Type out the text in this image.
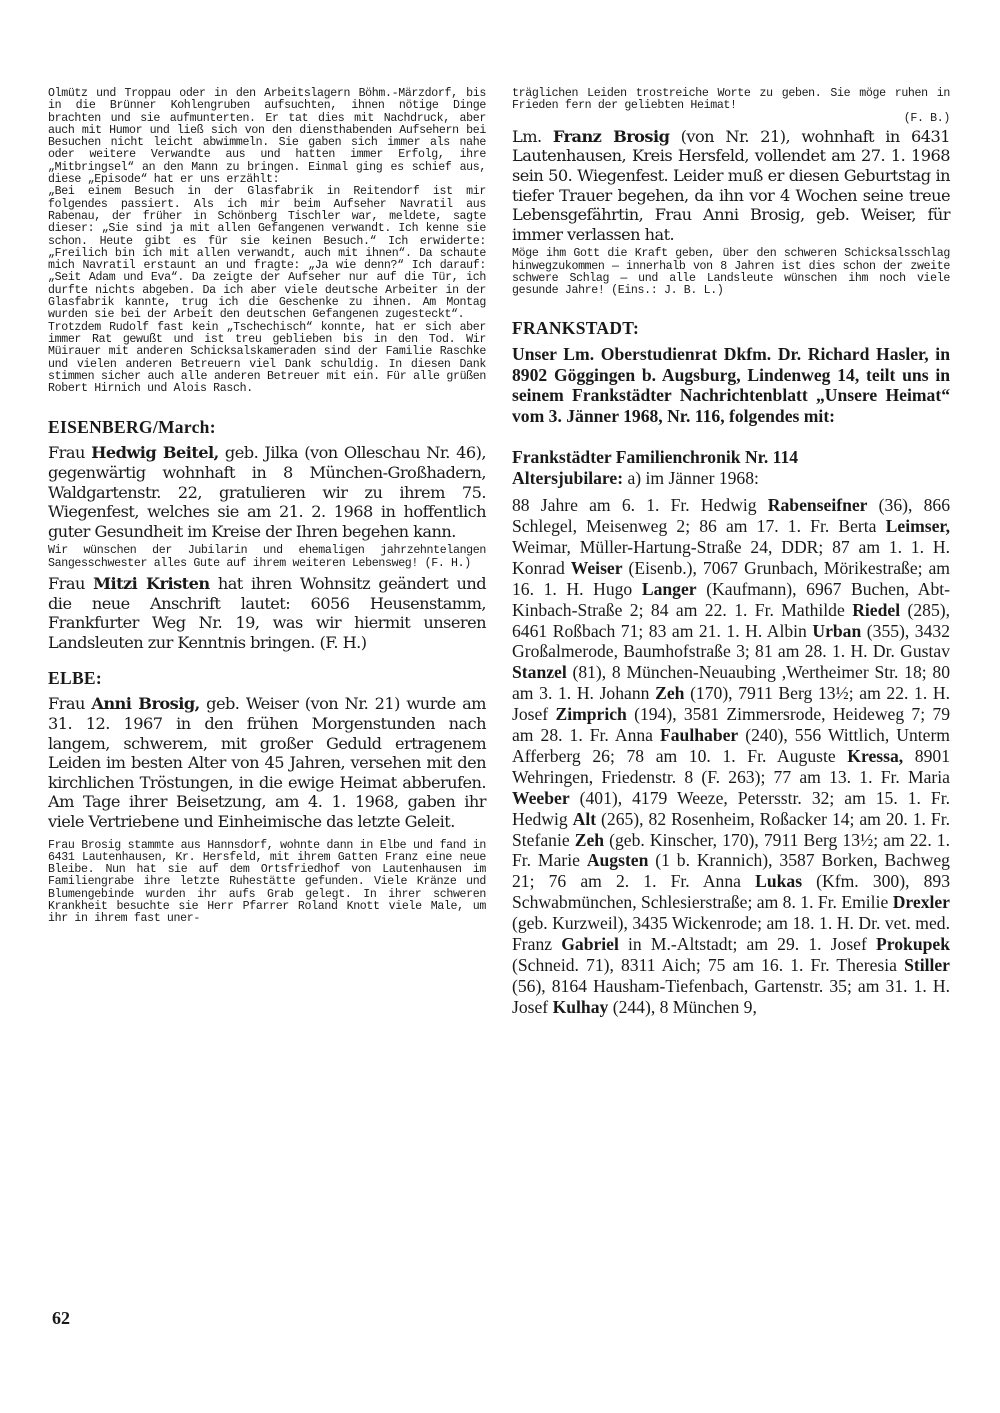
Olmütz und Troppau oder in den Arbeitslagern Böhm.-Märzdorf, bis in die Brünner Kohlengruben aufsuchten, ihnen nötige Dinge brachten und sie aufmunterten. Er tat dies mit Nachdruck, aber auch mit Humor und ließ sich von den diensthabenden Aufsehern bei Besuchen nicht leicht abwimmeln. Sie gaben sich immer als nahe oder weitere Verwandte aus und hatten immer Erfolg, ihre „Mitbringsel“ an den Mann zu bringen. Einmal ging es schief aus, diese „Episode“ hat er uns erzählt:

„Bei einem Besuch in der Glasfabrik in Reitendorf ist mir folgendes passiert. Als ich mir beim Aufseher Navratil aus Rabenau, der früher in Schönberg Tischler war, meldete, sagte dieser: „Sie sind ja mit allen Gefangenen verwandt. Ich kenne sie schon. Heute gibt es für sie keinen Besuch.“ Ich erwiderte: „Freilich bin ich mit allen verwandt, auch mit ihnen“. Da schaute mich Navratil erstaunt an und fragte: „Ja wie denn?“ Ich darauf: „Seit Adam und Eva“. Da zeigte der Aufseher nur auf die Tür, ich durfte nichts abgeben. Da ich aber viele deutsche Arbeiter in der Glasfabrik kannte, trug ich die Geschenke zu ihnen. Am Montag wurden sie bei der Arbeit den deutschen Gefangenen zugesteckt“.

Trotzdem Rudolf fast kein „Tschechisch“ konnte, hat er sich aber immer Rat gewußt und ist treu geblieben bis in den Tod. Wir Müirauer mit anderen Schicksalskameraden sind der Familie Raschke und vielen anderen Betreuern viel Dank schuldig. In diesen Dank stimmen sicher auch alle anderen Betreuer mit ein. Für alle grüßen Robert Hirnich und Alois Rasch.

EISENBERG/March:

Frau Hedwig Beitel, geb. Jilka (von Olleschau Nr. 46), gegenwärtig wohnhaft in 8 München-Großhadern, Waldgartenstr. 22, gratulieren wir zu ihrem 75. Wiegenfest, welches sie am 21. 2. 1968 in hoffentlich guter Gesundheit im Kreise der Ihren begehen kann.

Wir wünschen der Jubilarin und ehemaligen jahrzehntelangen Sangesschwester alles Gute auf ihrem weiteren Lebensweg! (F. H.)

Frau Mitzi Kristen hat ihren Wohnsitz geändert und die neue Anschrift lautet: 6056 Heusenstamm, Frankfurter Weg Nr. 19, was wir hiermit unseren Landsleuten zur Kenntnis bringen. (F. H.)

ELBE:

Frau Anni Brosig, geb. Weiser (von Nr. 21) wurde am 31. 12. 1967 in den frühen Morgenstunden nach langem, schwerem, mit großer Geduld ertragenem Leiden im besten Alter von 45 Jahren, versehen mit den kirchlichen Tröstungen, in die ewige Heimat abberufen. Am Tage ihrer Beisetzung, am 4. 1. 1968, gaben ihr viele Vertriebene und Einheimische das letzte Geleit.

Frau Brosig stammte aus Hannsdorf, wohnte dann in Elbe und fand in 6431 Lautenhausen, Kr. Hersfeld, mit ihrem Gatten Franz eine neue Bleibe. Nun hat sie auf dem Ortsfriedhof von Lautenhausen im Familiengrabe ihre letzte Ruhestätte gefunden. Viele Kränze und Blumengebinde wurden ihr aufs Grab gelegt. In ihrer schweren Krankheit besuchte sie Herr Pfarrer Roland Knott viele Male, um ihr in ihrem fast uner-

träglichen Leiden trostreiche Worte zu geben. Sie möge ruhen in Frieden fern der geliebten Heimat!

(F. B.)

Lm. Franz Brosig (von Nr. 21), wohnhaft in 6431 Lautenhausen, Kreis Hersfeld, vollendet am 27. 1. 1968 sein 50. Wiegenfest. Leider muß er diesen Geburtstag in tiefer Trauer begehen, da ihn vor 4 Wochen seine treue Lebensgefährtin, Frau Anni Brosig, geb. Weiser, für immer verlassen hat.

Möge ihm Gott die Kraft geben, über den schweren Schicksalsschlag hinwegzukommen — innerhalb von 8 Jahren ist dies schon der zweite schwere Schlag — und alle Landsleute wünschen ihm noch viele gesunde Jahre! (Eins.: J. B. L.)

FRANKSTADT:

Unser Lm. Oberstudienrat Dkfm. Dr. Richard Hasler, in 8902 Göggingen b. Augsburg, Lindenweg 14, teilt uns in seinem Frankstädter Nachrichtenblatt „Unsere Heimat“ vom 3. Jänner 1968, Nr. 116, folgendes mit:

Frankstädter Familienchronik Nr. 114

Altersjubilare: a) im Jänner 1968:

88 Jahre am 6. 1. Fr. Hedwig Rabenseifner (36), 866 Schlegel, Meisenweg 2; 86 am 17. 1. Fr. Berta Leimser, Weimar, Müller-Hartung-Straße 24, DDR; 87 am 1. 1. H. Konrad Weiser (Eisenb.), 7067 Grunbach, Mörikestraße; am 16. 1. H. Hugo Langer (Kaufmann), 6967 Buchen, Abt-Kinbach-Straße 2; 84 am 22. 1. Fr. Mathilde Riedel (285), 6461 Roßbach 71; 83 am 21. 1. H. Albin Urban (355), 3432 Großalmerode, Baumhofstraße 3; 81 am 28. 1. H. Dr. Gustav Stanzel (81), 8 München-Neuaubing ,Wertheimer Str. 18; 80 am 3. 1. H. Johann Zeh (170), 7911 Berg 13½; am 22. 1. H. Josef Zimprich (194), 3581 Zimmersrode, Heideweg 7; 79 am 28. 1. Fr. Anna Faulhaber (240), 556 Wittlich, Unterm Afferberg 26; 78 am 10. 1. Fr. Auguste Kressa, 8901 Wehringen, Friedenstr. 8 (F. 263); 77 am 13. 1. Fr. Maria Weeber (401), 4179 Weeze, Petersstr. 32; am 15. 1. Fr. Hedwig Alt (265), 82 Rosenheim, Roßacker 14; am 20. 1. Fr. Stefanie Zeh (geb. Kinscher, 170), 7911 Berg 13½; am 22. 1. Fr. Marie Augsten (1 b. Krannich), 3587 Borken, Bachweg 21; 76 am 2. 1. Fr. Anna Lukas (Kfm. 300), 893 Schwabmünchen, Schlesierstraße; am 8. 1. Fr. Emilie Drexler (geb. Kurzweil), 3435 Wickenrode; am 18. 1. H. Dr. vet. med. Franz Gabriel in M.-Altstadt; am 29. 1. Josef Prokupek (Schneid. 71), 8311 Aich; 75 am 16. 1. Fr. Theresia Stiller (56), 8164 Hausham-Tiefenbach, Gartenstr. 35; am 31. 1. H. Josef Kulhay (244), 8 München 9,

62
